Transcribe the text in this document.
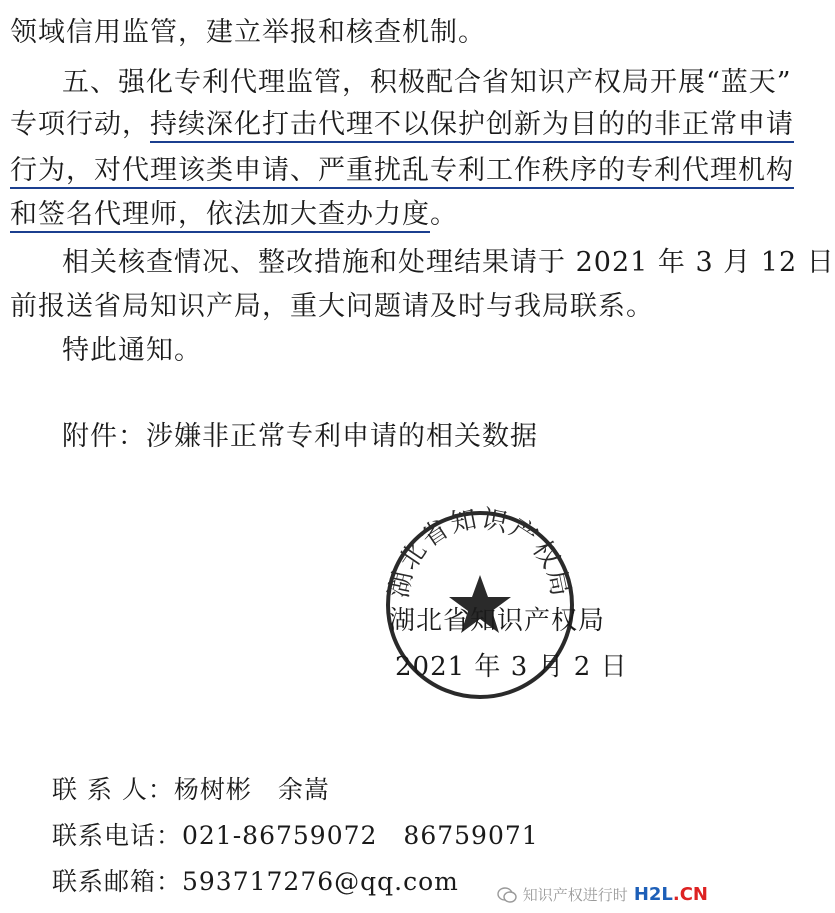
领域信用监管，建立举报和核查机制。
五、强化专利代理监管，积极配合省知识产权局开展“蓝天”
专项行动，持续深化打击代理不以保护创新为目的的非正常申请
行为，对代理该类申请、严重扰乱专利工作秩序的专利代理机构
和签名代理师，依法加大查办力度。
相关核查情况、整改措施和处理结果请于 2021 年 3 月 12 日
前报送省局知识产局，重大问题请及时与我局联系。
特此通知。
附件：涉嫌非正常专利申请的相关数据
湖北省知识产权局
湖北省知识产权局
2021 年 3 月 2 日
联 系 人：杨树彬　余嵩
联系电话：021-86759072　86759071
联系邮箱：593717276@qq.com	知识产权进行时 H2L.CN
